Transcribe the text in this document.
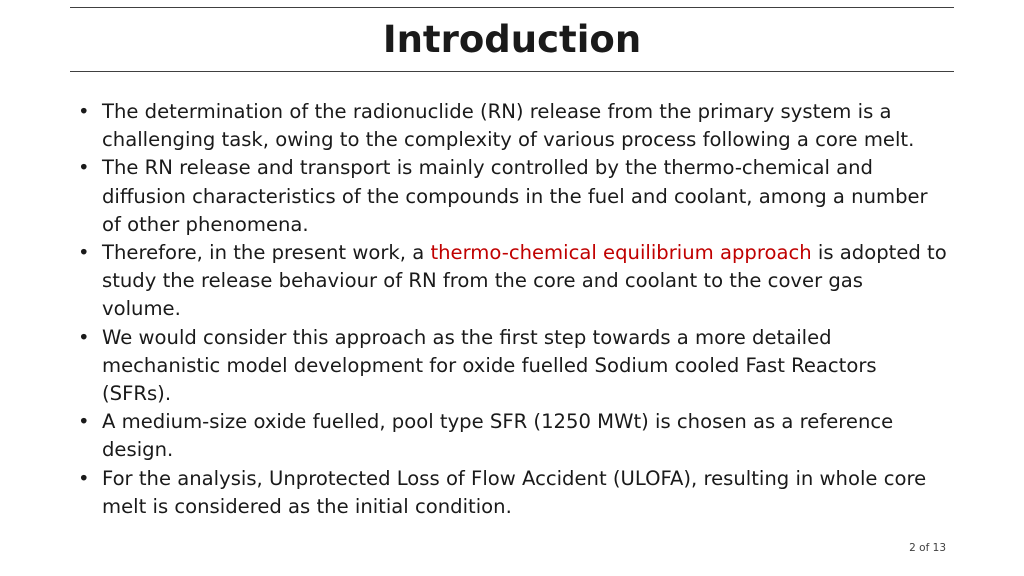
Introduction
• The determination of the radionuclide (RN) release from the primary system is a challenging task, owing to the complexity of various process following a core melt.
• The RN release and transport is mainly controlled by the thermo-chemical and diffusion characteristics of the compounds in the fuel and coolant, among a number of other phenomena.
• Therefore, in the present work, a thermo-chemical equilibrium approach is adopted to study the release behaviour of RN from the core and coolant to the cover gas volume.
• We would consider this approach as the first step towards a more detailed mechanistic model development for oxide fuelled Sodium cooled Fast Reactors (SFRs).
• A medium-size oxide fuelled, pool type SFR (1250 MWt) is chosen as a reference design.
• For the analysis, Unprotected Loss of Flow Accident (ULOFA), resulting in whole core melt is considered as the initial condition.
2 of 13
